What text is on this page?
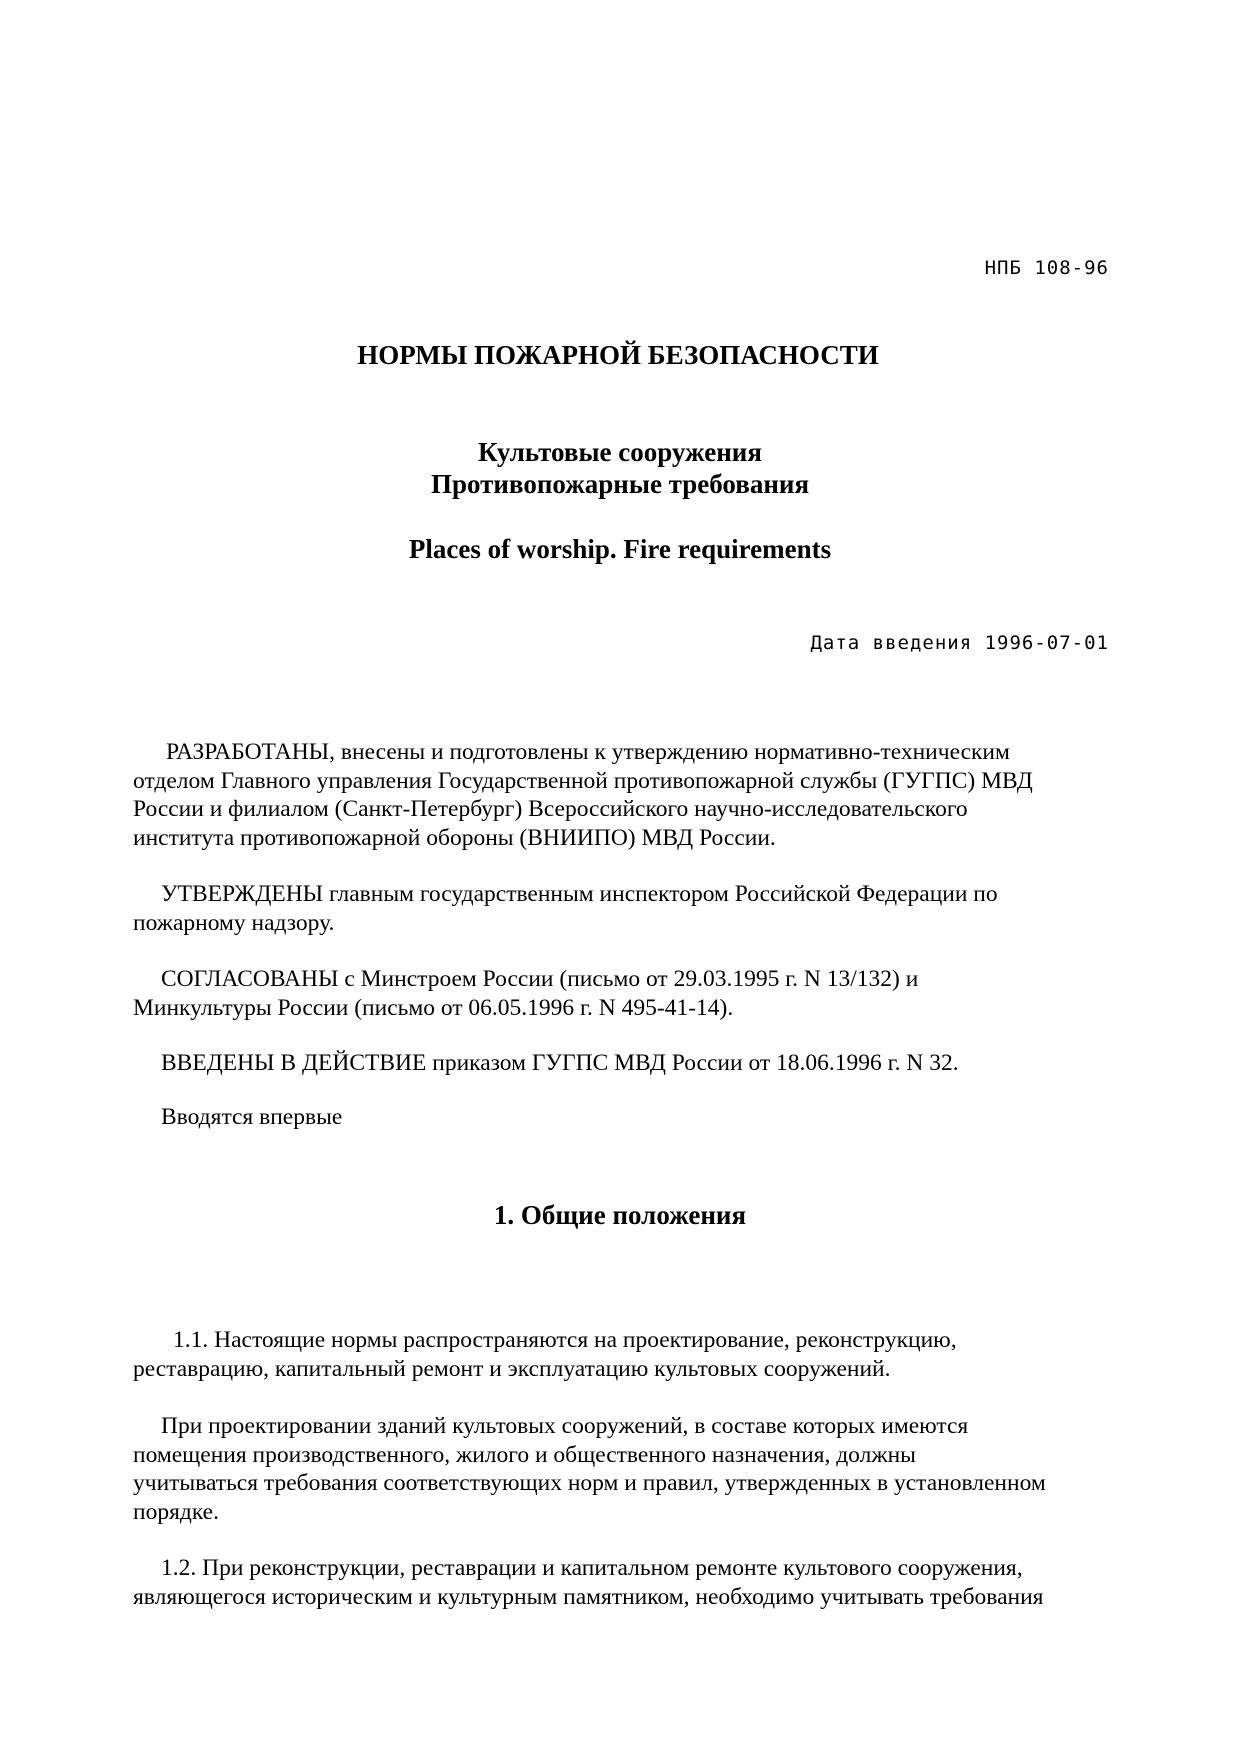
НПБ 108-96
НОРМЫ ПОЖАРНОЙ БЕЗОПАСНОСТИ
Культовые сооружения
Противопожарные требования
Places of worship. Fire requirements
Дата введения 1996-07-01
РАЗРАБОТАНЫ, внесены и подготовлены к утверждению нормативно-техническим
отделом Главного управления Государственной противопожарной службы (ГУГПС) МВД
России и филиалом (Санкт-Петербург) Всероссийского научно-исследовательского
института противопожарной обороны (ВНИИПО) МВД России.
УТВЕРЖДЕНЫ главным государственным инспектором Российской Федерации по
пожарному надзору.
СОГЛАСОВАНЫ с Минстроем России (письмо от 29.03.1995 г. N 13/132) и
Минкультуры России (письмо от 06.05.1996 г. N 495-41-14).
ВВЕДЕНЫ В ДЕЙСТВИЕ приказом ГУГПС МВД России от 18.06.1996 г. N 32.
Вводятся впервые
1. Общие положения
1.1. Настоящие нормы распространяются на проектирование, реконструкцию,
реставрацию, капитальный ремонт и эксплуатацию культовых сооружений.
При проектировании зданий культовых сооружений, в составе которых имеются
помещения производственного, жилого и общественного назначения, должны
учитываться требования соответствующих норм и правил, утвержденных в установленном
порядке.
1.2. При реконструкции, реставрации и капитальном ремонте культового сооружения,
являющегося историческим и культурным памятником, необходимо учитывать требования
